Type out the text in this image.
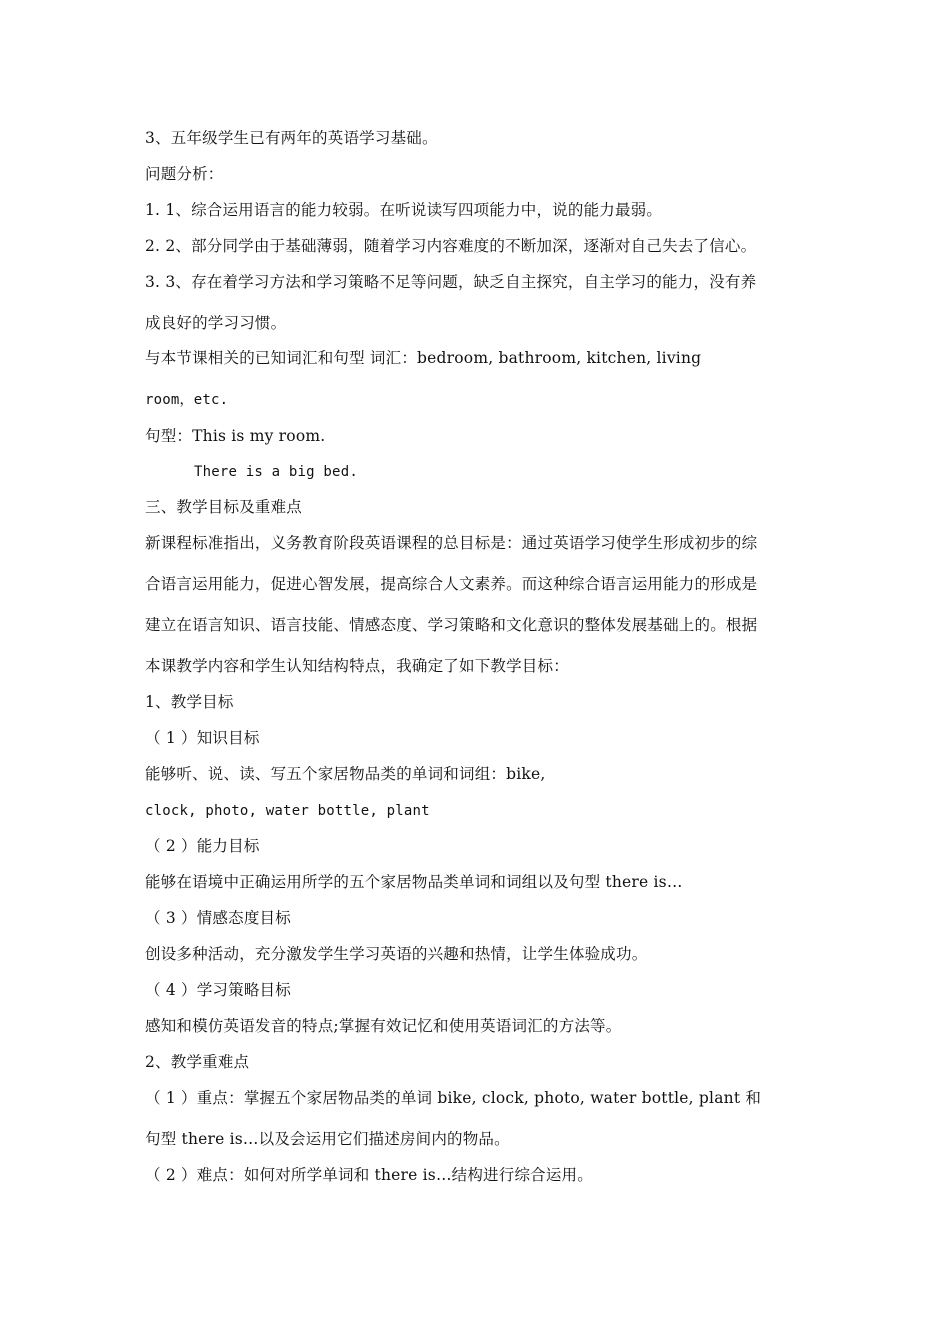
3、五年级学生已有两年的英语学习基础。
问题分析：
1. 1、综合运用语言的能力较弱。在听说读写四项能力中，说的能力最弱。
2. 2、部分同学由于基础薄弱，随着学习内容难度的不断加深，逐渐对自己失去了信心。
3. 3、存在着学习方法和学习策略不足等问题，缺乏自主探究，自主学习的能力，没有养
成良好的学习习惯。
与本节课相关的已知词汇和句型 词汇：bedroom, bathroom, kitchen, living
room，etc.
句型：This is my room.
There is a big bed.
三、教学目标及重难点
新课程标准指出，义务教育阶段英语课程的总目标是：通过英语学习使学生形成初步的综
合语言运用能力，促进心智发展，提高综合人文素养。而这种综合语言运用能力的形成是
建立在语言知识、语言技能、情感态度、学习策略和文化意识的整体发展基础上的。根据
本课教学内容和学生认知结构特点，我确定了如下教学目标：
1、教学目标
（ 1 ）知识目标
能够听、说、读、写五个家居物品类的单词和词组：bike,
clock, photo, water bottle, plant
（ 2 ）能力目标
能够在语境中正确运用所学的五个家居物品类单词和词组以及句型 there is…
（ 3 ）情感态度目标
创设多种活动，充分激发学生学习英语的兴趣和热情，让学生体验成功。
（ 4 ）学习策略目标
感知和模仿英语发音的特点;掌握有效记忆和使用英语词汇的方法等。
2、教学重难点
（ 1 ）重点：掌握五个家居物品类的单词 bike, clock, photo, water bottle, plant 和
句型 there is…以及会运用它们描述房间内的物品。
（ 2 ）难点：如何对所学单词和 there is…结构进行综合运用。
